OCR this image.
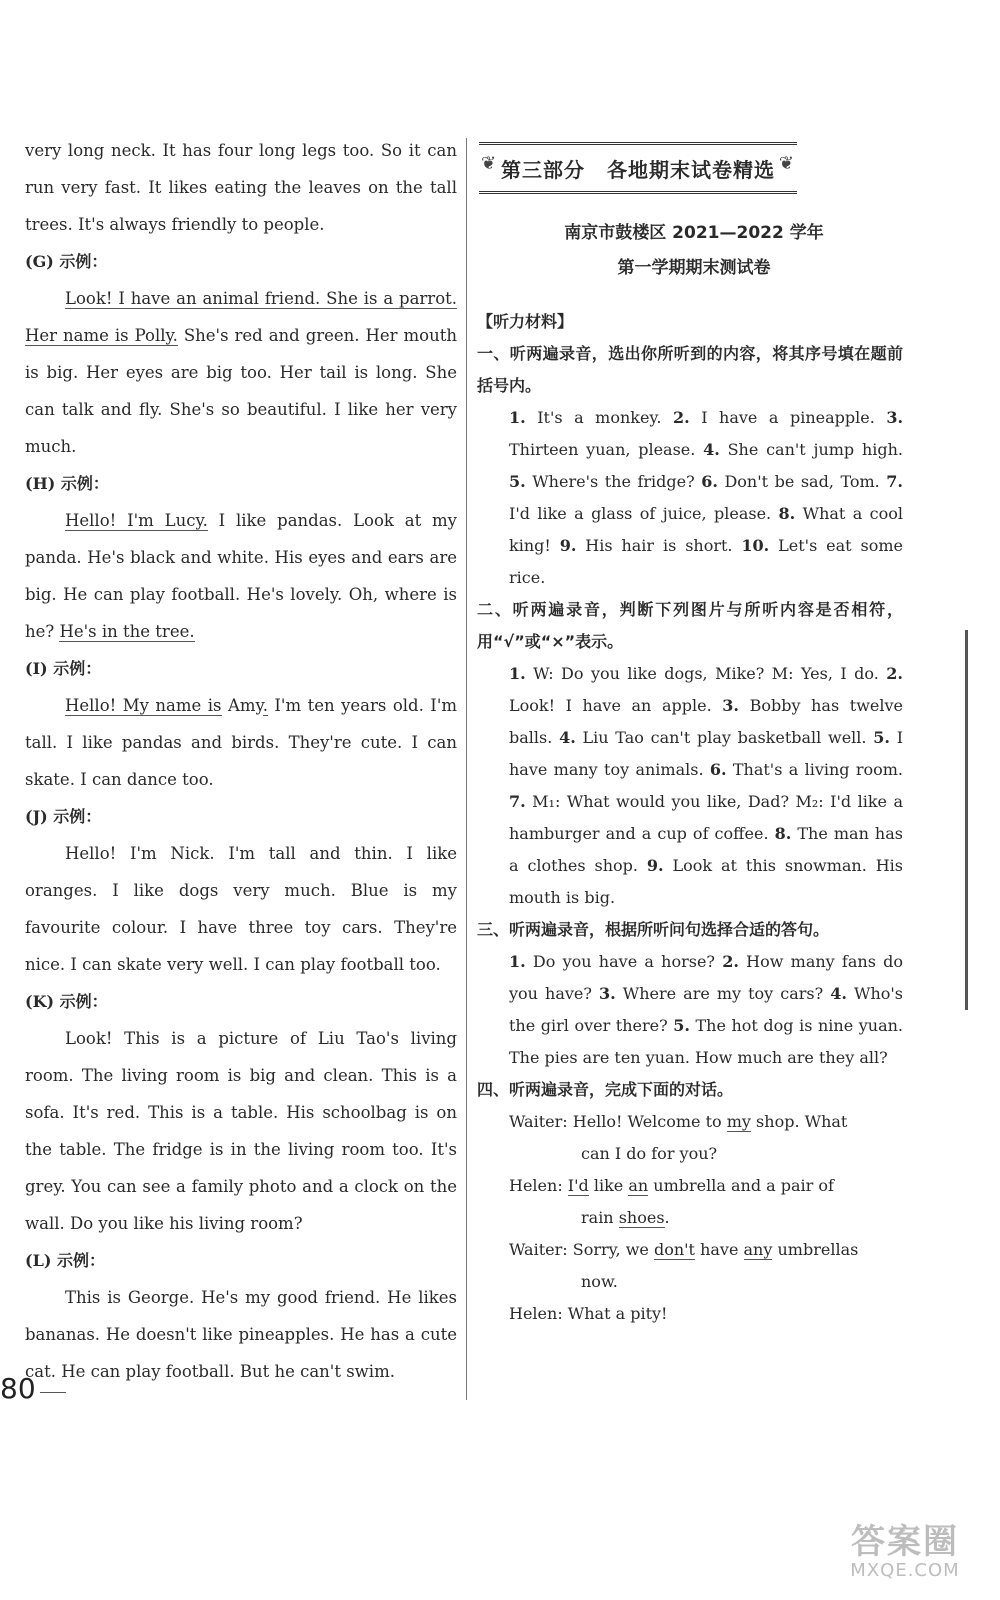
very long neck. It has four long legs too. So it can run very fast. It likes eating the leaves on the tall trees. It's always friendly to people.

(G) 示例：

Look! I have an animal friend. She is a parrot. Her name is Polly. She's red and green. Her mouth is big. Her eyes are big too. Her tail is long. She can talk and fly. She's so beautiful. I like her very much.

(H) 示例：

Hello! I'm Lucy. I like pandas. Look at my panda. He's black and white. His eyes and ears are big. He can play football. He's lovely. Oh, where is he? He's in the tree.

(I) 示例：

Hello! My name is Amy. I'm ten years old. I'm tall. I like pandas and birds. They're cute. I can skate. I can dance too.

(J) 示例：

Hello! I'm Nick. I'm tall and thin. I like oranges. I like dogs very much. Blue is my favourite colour. I have three toy cars. They're nice. I can skate very well. I can play football too.

(K) 示例：

Look! This is a picture of Liu Tao's living room. The living room is big and clean. This is a sofa. It's red. This is a table. His schoolbag is on the table. The fridge is in the living room too. It's grey. You can see a family photo and a clock on the wall. Do you like his living room?

(L) 示例：

This is George. He's my good friend. He likes bananas. He doesn't like pineapples. He has a cute cat. He can play football. But he can't swim.

❦ 第三部分 各地期末试卷精选
❦
南京市鼓楼区 2021—2022 学年
第一学期期末测试卷
【听力材料】
一、听两遍录音，选出你所听到的内容，将其序号填在题前括号内。
1. It's a monkey. 2. I have a pineapple. 3. Thirteen yuan, please. 4. She can't jump high. 5. Where's the fridge? 6. Don't be sad, Tom. 7. I'd like a glass of juice, please. 8. What a cool king! 9. His hair is short. 10. Let's eat some rice.
二、听两遍录音，判断下列图片与所听内容是否相符，用“√”或“×”表示。
1. W: Do you like dogs, Mike? M: Yes, I do. 2. Look! I have an apple. 3. Bobby has twelve balls. 4. Liu Tao can't play basketball well. 5. I have many toy animals. 6. That's a living room. 7. M₁: What would you like, Dad? M₂: I'd like a hamburger and a cup of coffee. 8. The man has a clothes shop. 9. Look at this snowman. His mouth is big.
三、听两遍录音，根据所听问句选择合适的答句。
1. Do you have a horse? 2. How many fans do you have? 3. Where are my toy cars? 4. Who's the girl over there? 5. The hot dog is nine yuan. The pies are ten yuan. How much are they all?
四、听两遍录音，完成下面的对话。
Waiter: Hello! Welcome to my shop. What
can I do for you?
Helen: I'd like an umbrella and a pair of
rain shoes.
Waiter: Sorry, we don't have any umbrellas
now.
Helen: What a pity!
80
答案圈
MXQE.COM
